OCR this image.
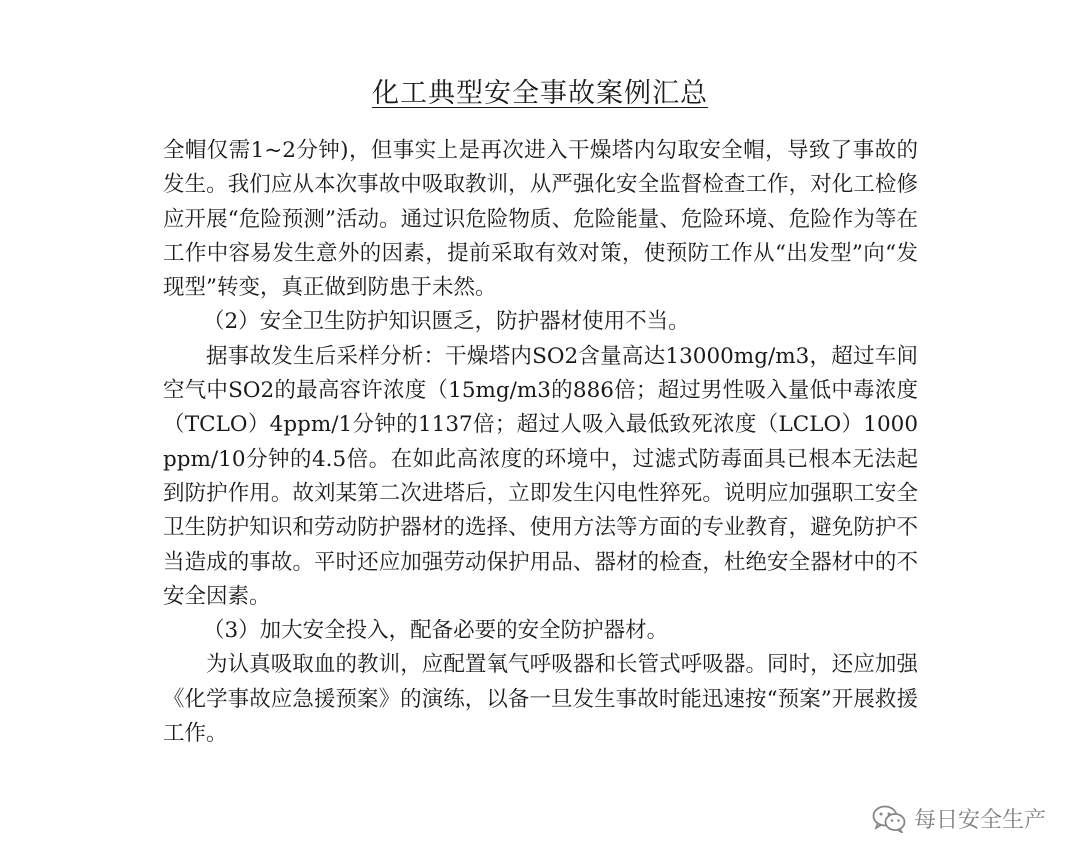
化工典型安全事故案例汇总

全帽仅需1~2分钟)，但事实上是再次进入干燥塔内勾取安全帽，导致了事故的发生。我们应从本次事故中吸取教训，从严强化安全监督检查工作，对化工检修应开展“危险预测”活动。通过识危险物质、危险能量、危险环境、危险作为等在工作中容易发生意外的因素，提前采取有效对策，使预防工作从“出发型”向“发现型”转变，真正做到防患于未然。

（2）安全卫生防护知识匮乏，防护器材使用不当。

据事故发生后采样分析：干燥塔内SO2含量高达13000mg/m3，超过车间空气中SO2的最高容许浓度（15mg/m3的886倍；超过男性吸入量低中毒浓度（TCLO）4ppm/1分钟的1137倍；超过人吸入最低致死浓度（LCLO）1000ppm/10分钟的4.5倍。在如此高浓度的环境中，过滤式防毒面具已根本无法起到防护作用。故刘某第二次进塔后，立即发生闪电性猝死。说明应加强职工安全卫生防护知识和劳动防护器材的选择、使用方法等方面的专业教育，避免防护不当造成的事故。平时还应加强劳动保护用品、器材的检查，杜绝安全器材中的不安全因素。

（3）加大安全投入，配备必要的安全防护器材。

为认真吸取血的教训，应配置氧气呼吸器和长管式呼吸器。同时，还应加强《化学事故应急援预案》的演练，以备一旦发生事故时能迅速按“预案”开展救援工作。

每日安全生产
